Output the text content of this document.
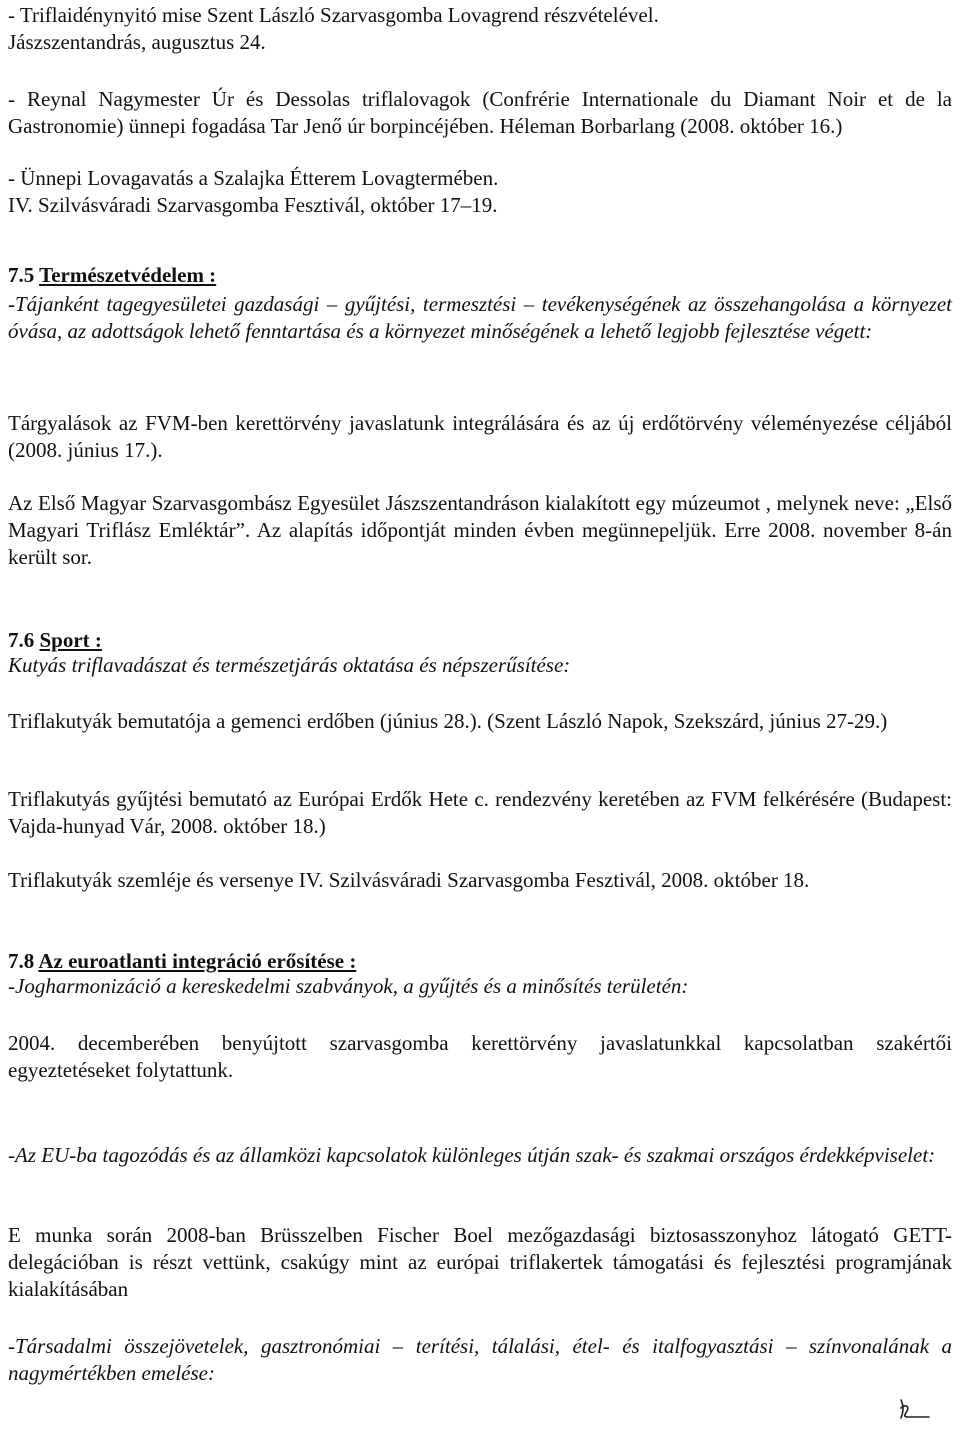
- Triflaidénynyitó mise Szent László Szarvasgomba Lovagrend részvételével.

Jászszentandrás, augusztus 24.

- Reynal Nagymester Úr és Dessolas triflalovagok (Confrérie Internationale du Diamant Noir et de la Gastronomie) ünnepi fogadása Tar Jenő úr borpincéjében. Héleman Borbarlang (2008. október 16.)

- Ünnepi Lovagavatás a Szalajka Étterem Lovagtermében.

IV. Szilvásváradi Szarvasgomba Fesztivál, október 17–19.

7.5 Természetvédelem :

-Tájanként tagegyesületei gazdasági – gyűjtési, termesztési – tevékenységének az összehangolása a környezet óvása, az adottságok lehető fenntartása és a környezet minőségének a lehető legjobb fejlesztése végett:

Tárgyalások az FVM-ben kerettörvény javaslatunk integrálására és az új erdőtörvény véleményezése céljából (2008. június 17.).

Az Első Magyar Szarvasgombász Egyesület Jászszentandráson kialakított egy múzeumot , melynek neve: „Első Magyari Triflász Emléktár”. Az alapítás időpontját minden évben megünnepeljük. Erre 2008. november 8-án került sor.

7.6 Sport :

Kutyás triflavadászat és természetjárás oktatása és népszerűsítése:

Triflakutyák bemutatója a gemenci erdőben (június 28.). (Szent László Napok, Szekszárd, június 27-29.)

Triflakutyás gyűjtési bemutató az Európai Erdők Hete c. rendezvény keretében az FVM felkérésére (Budapest: Vajda-hunyad Vár, 2008. október 18.)

Triflakutyák szemléje és versenye IV. Szilvásváradi Szarvasgomba Fesztivál, 2008. október 18.

7.8 Az euroatlanti integráció erősítése :

-Jogharmonizáció a kereskedelmi szabványok, a gyűjtés és a minősítés területén:

2004. decemberében benyújtott szarvasgomba kerettörvény javaslatunkkal kapcsolatban szakértői egyeztetéseket folytattunk.

-Az EU-ba tagozódás és az államközi kapcsolatok különleges útján szak- és szakmai országos érdekképviselet:

E munka során 2008-ban Brüsszelben Fischer Boel mezőgazdasági biztosasszonyhoz látogató GETT-delegációban is részt vettünk, csakúgy mint az európai triflakertek támogatási és fejlesztési programjának kialakításában

-Társadalmi összejövetelek, gasztronómiai – terítési, tálalási, étel- és italfogyasztási – színvonalának a nagymértékben emelése:
